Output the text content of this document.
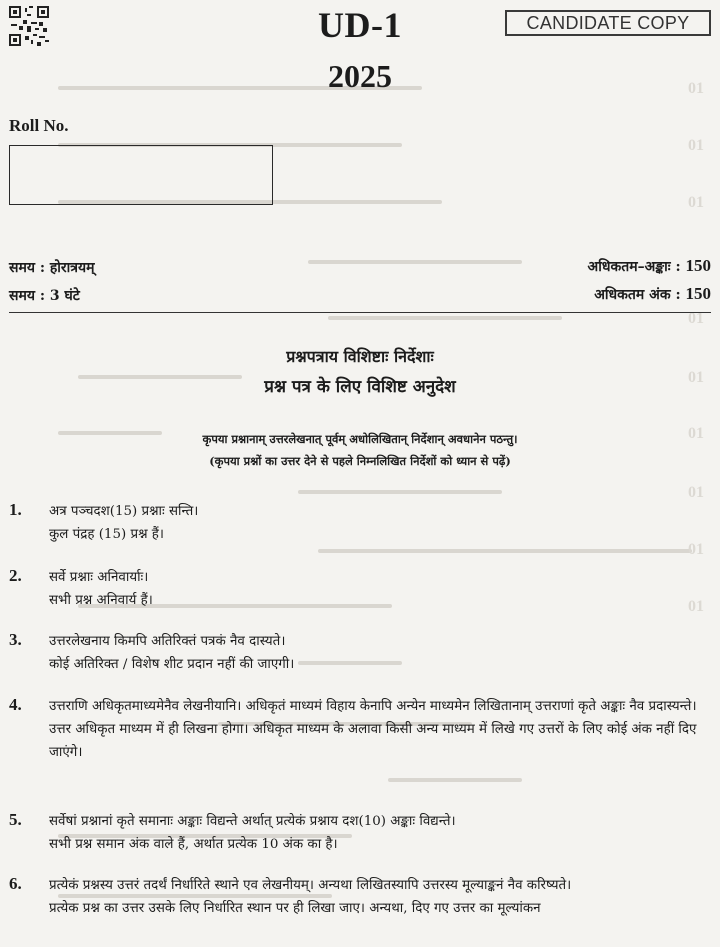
01
01
01
01
01
01
01
01
01
UD-1
2025
CANDIDATE COPY
Roll No.
समय : होरात्रयम्
समय : 3 घंटे
अधिकतम–अङ्काः : 150
अधिकतम अंक : 150
प्रश्नपत्राय विशिष्टाः निर्देशाः
प्रश्न पत्र के लिए विशिष्ट अनुदेश
कृपया प्रश्नानाम् उत्तरलेखनात् पूर्वम् अधोलिखितान् निर्देशान् अवधानेन पठन्तु।
(कृपया प्रश्नों का उत्तर देने से पहले निम्नलिखित निर्देशों को ध्यान से पढ़ें)
1. अत्र पञ्चदश(15) प्रश्नाः सन्ति।

कुल पंद्रह (15) प्रश्न हैं।

2. सर्वे प्रश्नाः अनिवार्याः।

सभी प्रश्न अनिवार्य हैं।

3. उत्तरलेखनाय किमपि अतिरिक्तं पत्रकं नैव दास्यते।

कोई अतिरिक्त / विशेष शीट प्रदान नहीं की जाएगी।

4. उत्तराणि अधिकृतमाध्यमेनैव लेखनीयानि। अधिकृतं माध्यमं विहाय केनापि अन्येन माध्यमेन लिखितानाम् उत्तराणां कृते अङ्काः नैव प्रदास्यन्ते।

उत्तर अधिकृत माध्यम में ही लिखना होगा। अधिकृत माध्यम के अलावा किसी अन्य माध्यम में लिखे गए उत्तरों के लिए कोई अंक नहीं दिए जाएंगे।

5. सर्वेषां प्रश्नानां कृते समानाः अङ्काः विद्यन्ते अर्थात् प्रत्येकं प्रश्नाय दश(10) अङ्काः विद्यन्ते।

सभी प्रश्न समान अंक वाले हैं, अर्थात प्रत्येक 10 अंक का है।

6. प्रत्येकं प्रश्नस्य उत्तरं तदर्थं निर्धारिते स्थाने एव लेखनीयम्। अन्यथा लिखितस्यापि उत्तरस्य मूल्याङ्कनं नैव करिष्यते।

प्रत्येक प्रश्न का उत्तर उसके लिए निर्धारित स्थान पर ही लिखा जाए। अन्यथा, दिए गए उत्तर का मूल्यांकन
